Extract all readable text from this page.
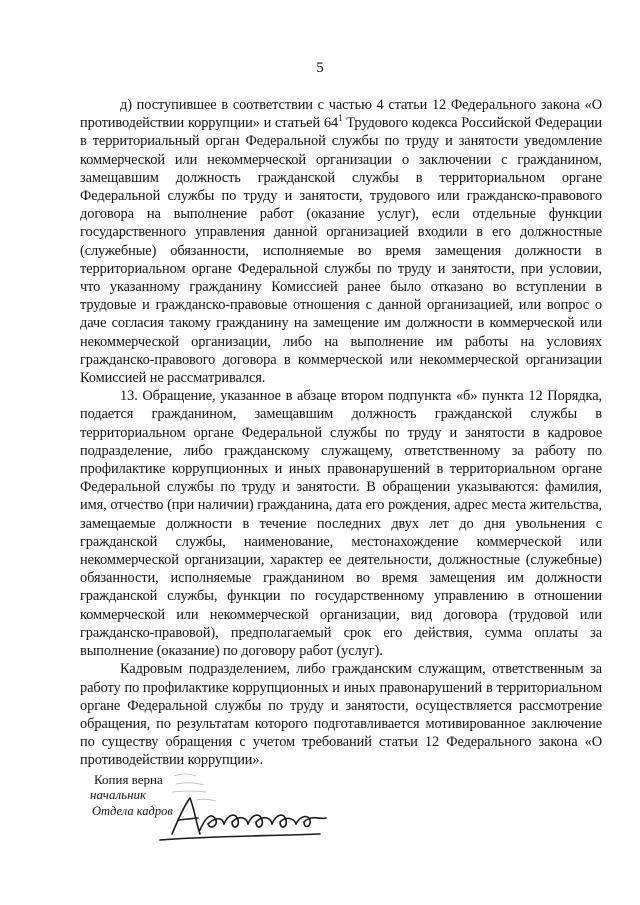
5

д) поступившее в соответствии с частью 4 статьи 12 Федерального закона «О противодействии коррупции» и статьей $64^1$ Трудового кодекса Российской Федерации в территориальный орган Федеральной службы по труду и занятости уведомление коммерческой или некоммерческой организации о заключении с гражданином, замещавшим должность гражданской службы в территориальном органе Федеральной службы по труду и занятости, трудового или гражданско-правового договора на выполнение работ (оказание услуг), если отдельные функции государственного управления данной организацией входили в его должностные (служебные) обязанности, исполняемые во время замещения должности в территориальном органе Федеральной службы по труду и занятости, при условии, что указанному гражданину Комиссией ранее было отказано во вступлении в трудовые и гражданско-правовые отношения с данной организацией, или вопрос о даче согласия такому гражданину на замещение им должности в коммерческой или некоммерческой организации, либо на выполнение им работы на условиях гражданско-правового договора в коммерческой или некоммерческой организации Комиссией не рассматривался.

13. Обращение, указанное в абзаце втором подпункта «б» пункта 12 Порядка, подается гражданином, замещавшим должность гражданской службы в территориальном органе Федеральной службы по труду и занятости в кадровое подразделение, либо гражданскому служащему, ответственному за работу по профилактике коррупционных и иных правонарушений в территориальном органе Федеральной службы по труду и занятости. В обращении указываются: фамилия, имя, отчество (при наличии) гражданина, дата его рождения, адрес места жительства, замещаемые должности в течение последних двух лет до дня увольнения с гражданской службы, наименование, местонахождение коммерческой или некоммерческой организации, характер ее деятельности, должностные (служебные) обязанности, исполняемые гражданином во время замещения им должности гражданской службы, функции по государственному управлению в отношении коммерческой или некоммерческой организации, вид договора (трудовой или гражданско-правовой), предполагаемый срок его действия, сумма оплаты за выполнение (оказание) по договору работ (услуг).

Кадровым подразделением, либо гражданским служащим, ответственным за работу по профилактике коррупционных и иных правонарушений в территориальном органе Федеральной службы по труду и занятости, осуществляется рассмотрение обращения, по результатам которого подготавливается мотивированное заключение по существу обращения с учетом требований статьи 12 Федерального закона «О противодействии коррупции».

Копия верна
начальник
Отдела кадров
